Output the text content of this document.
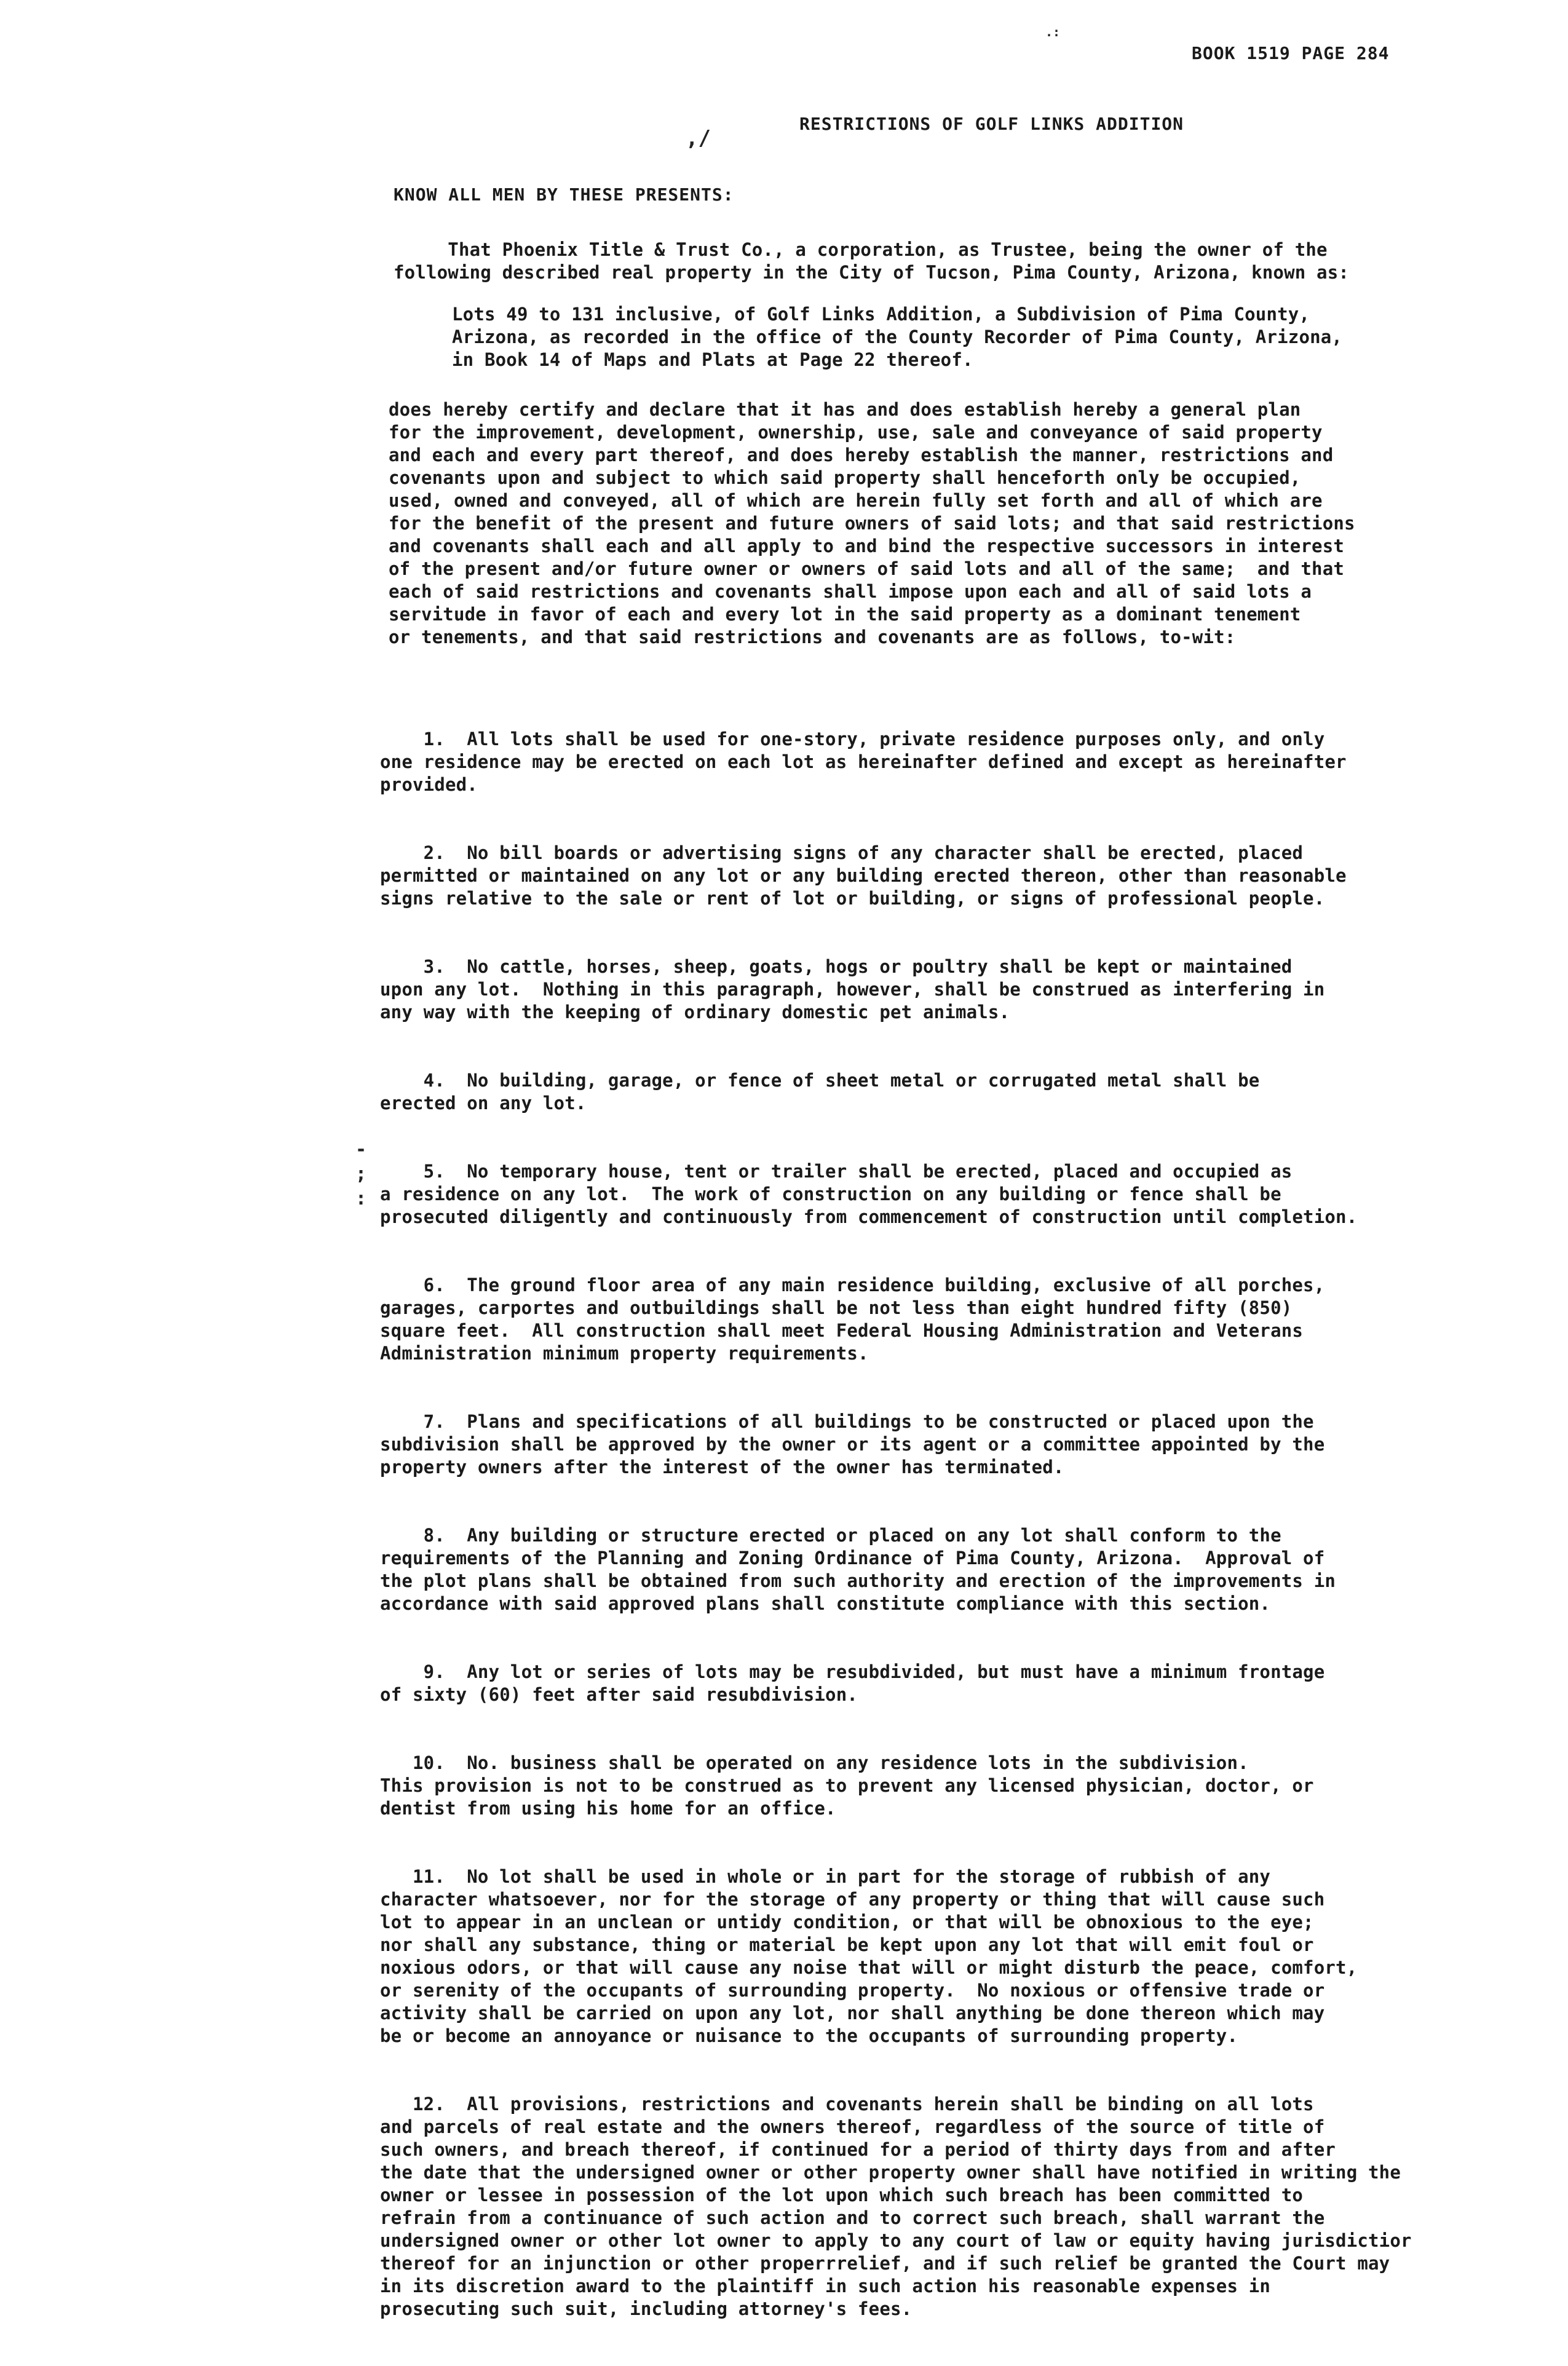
BOOK 1519 PAGE 284
.:
,/
RESTRICTIONS OF GOLF LINKS ADDITION
KNOW ALL MEN BY THESE PRESENTS:
That Phoenix Title & Trust Co., a corporation, as Trustee, being the owner of the
following described real property in the City of Tucson, Pima County, Arizona, known as:
Lots 49 to 131 inclusive, of Golf Links Addition, a Subdivision of Pima County,
Arizona, as recorded in the office of the County Recorder of Pima County, Arizona,
in Book 14 of Maps and Plats at Page 22 thereof.
does hereby certify and declare that it has and does establish hereby a general plan
for the improvement, development, ownership, use, sale and conveyance of said property
and each and every part thereof, and does hereby establish the manner, restrictions and
covenants upon and subject to which said property shall henceforth only be occupied,
used, owned and conveyed, all of which are herein fully set forth and all of which are
for the benefit of the present and future owners of said lots; and that said restrictions
and covenants shall each and all apply to and bind the respective successors in interest
of the present and/or future owner or owners of said lots and all of the same;  and that
each of said restrictions and covenants shall impose upon each and all of said lots a
servitude in favor of each and every lot in the said property as a dominant tenement
or tenements, and that said restrictions and covenants are as follows, to-wit:
-
;
:

1.  All lots shall be used for one-story, private residence purposes only, and only
one residence may be erected on each lot as hereinafter defined and except as hereinafter
provided.

2.  No bill boards or advertising signs of any character shall be erected, placed
permitted or maintained on any lot or any building erected thereon, other than reasonable
signs relative to the sale or rent of lot or building, or signs of professional people.

3.  No cattle, horses, sheep, goats, hogs or poultry shall be kept or maintained
upon any lot.  Nothing in this paragraph, however, shall be construed as interfering in
any way with the keeping of ordinary domestic pet animals.

4.  No building, garage, or fence of sheet metal or corrugated metal shall be
erected on any lot.

5.  No temporary house, tent or trailer shall be erected, placed and occupied as
a residence on any lot.  The work of construction on any building or fence shall be
prosecuted diligently and continuously from commencement of construction until completion.

6.  The ground floor area of any main residence building, exclusive of all porches,
garages, carportes and outbuildings shall be not less than eight hundred fifty (850)
square feet.  All construction shall meet Federal Housing Administration and Veterans
Administration minimum property requirements.

7.  Plans and specifications of all buildings to be constructed or placed upon the
subdivision shall be approved by the owner or its agent or a committee appointed by the
property owners after the interest of the owner has terminated.

8.  Any building or structure erected or placed on any lot shall conform to the
requirements of the Planning and Zoning Ordinance of Pima County, Arizona.  Approval of
the plot plans shall be obtained from such authority and erection of the improvements in
accordance with said approved plans shall constitute compliance with this section.

9.  Any lot or series of lots may be resubdivided, but must have a minimum frontage
of sixty (60) feet after said resubdivision.

10.  No. business shall be operated on any residence lots in the subdivision.
This provision is not to be construed as to prevent any licensed physician, doctor, or
dentist from using his home for an office.

11.  No lot shall be used in whole or in part for the storage of rubbish of any
character whatsoever, nor for the storage of any property or thing that will cause such
lot to appear in an unclean or untidy condition, or that will be obnoxious to the eye;
nor shall any substance, thing or material be kept upon any lot that will emit foul or
noxious odors, or that will cause any noise that will or might disturb the peace, comfort,
or serenity of the occupants of surrounding property.  No noxious or offensive trade or
activity shall be carried on upon any lot, nor shall anything be done thereon which may
be or become an annoyance or nuisance to the occupants of surrounding property.

12.  All provisions, restrictions and covenants herein shall be binding on all lots
and parcels of real estate and the owners thereof, regardless of the source of title of
such owners, and breach thereof, if continued for a period of thirty days from and after
the date that the undersigned owner or other property owner shall have notified in writing the
owner or lessee in possession of the lot upon which such breach has been committed to
refrain from a continuance of such action and to correct such breach, shall warrant the
undersigned owner or other lot owner to apply to any court of law or equity having jurisdictior
thereof for an injunction or other properrrelief, and if such relief be granted the Court may
in its discretion award to the plaintiff in such action his reasonable expenses in
prosecuting such suit, including attorney's fees.
